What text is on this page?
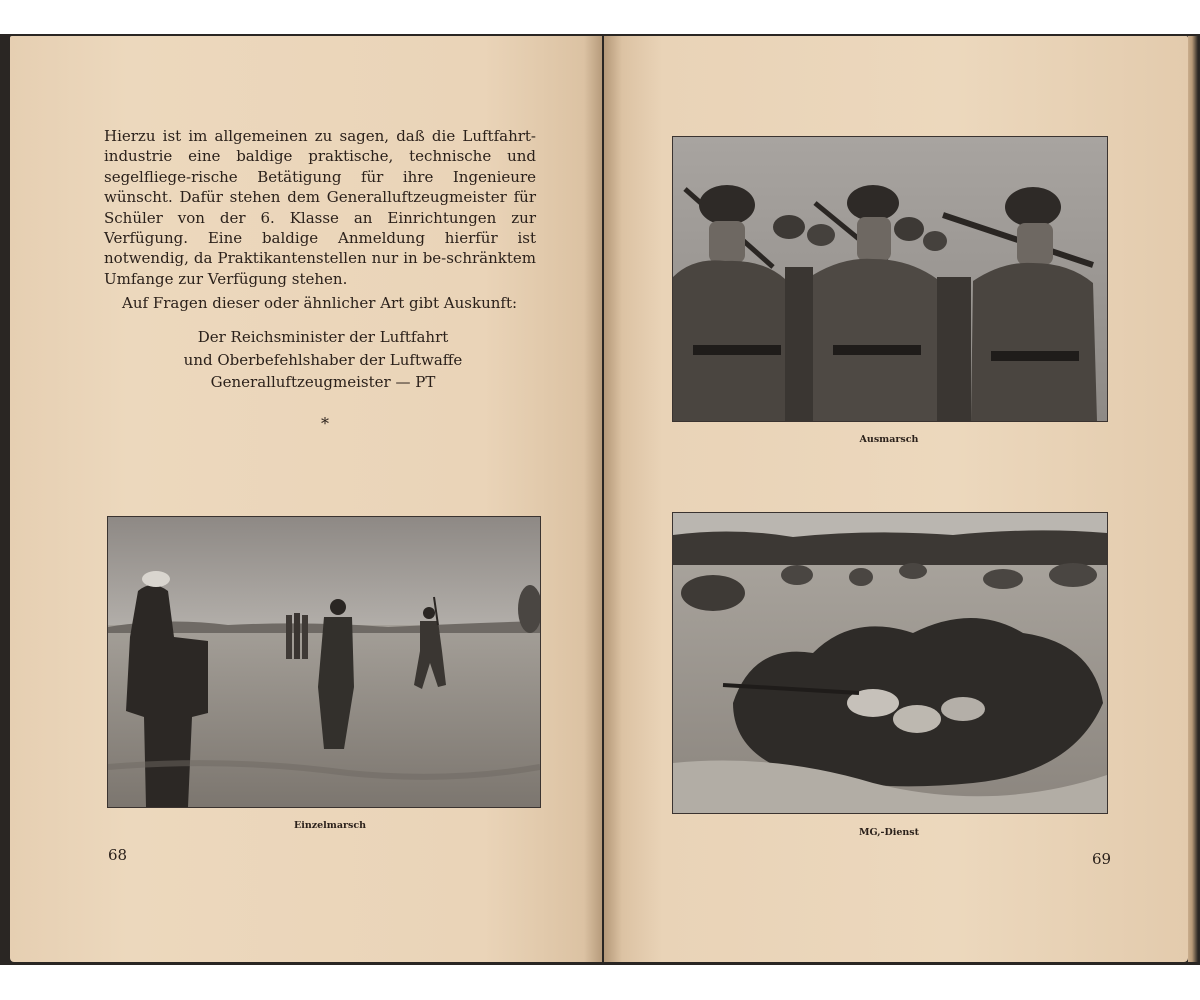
Hierzu ist im allgemeinen zu sagen, daß die Luftfahrt-industrie eine baldige praktische, technische und segelfliege-rische Betätigung für ihre Ingenieure wünscht. Dafür stehen dem Generalluftzeugmeister für Schüler von der 6. Klasse an Einrichtungen zur Verfügung. Eine baldige Anmeldung hierfür ist notwendig, da Praktikantenstellen nur in be-schränktem Umfange zur Verfügung stehen.

Auf Fragen dieser oder ähnlicher Art gibt Auskunft:

Der Reichsminister der Luftfahrt
und Oberbefehlshaber der Luftwaffe
Generalluftzeugmeister — PT
*
Einzelmarsch
68
Ausmarsch
MG,-Dienst
69
